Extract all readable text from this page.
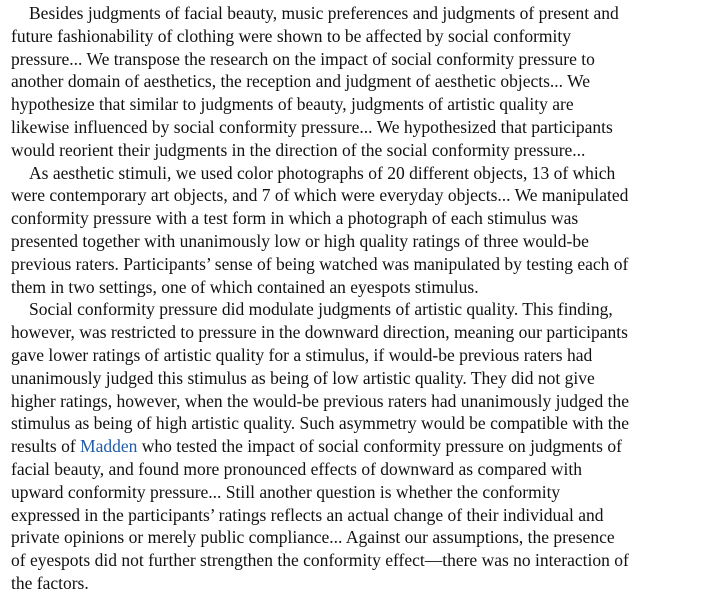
Besides judgments of facial beauty, music preferences and judgments of present and
future fashionability of clothing were shown to be affected by social conformity
pressure... We transpose the research on the impact of social conformity pressure to
another domain of aesthetics, the reception and judgment of aesthetic objects... We
hypothesize that similar to judgments of beauty, judgments of artistic quality are
likewise influenced by social conformity pressure... We hypothesized that participants
would reorient their judgments in the direction of the social conformity pressure...
As aesthetic stimuli, we used color photographs of 20 different objects, 13 of which
were contemporary art objects, and 7 of which were everyday objects... We manipulated
conformity pressure with a test form in which a photograph of each stimulus was
presented together with unanimously low or high quality ratings of three would-be
previous raters. Participants’ sense of being watched was manipulated by testing each of
them in two settings, one of which contained an eyespots stimulus.
Social conformity pressure did modulate judgments of artistic quality. This finding,
however, was restricted to pressure in the downward direction, meaning our participants
gave lower ratings of artistic quality for a stimulus, if would-be previous raters had
unanimously judged this stimulus as being of low artistic quality. They did not give
higher ratings, however, when the would-be previous raters had unanimously judged the
stimulus as being of high artistic quality. Such asymmetry would be compatible with the
results of Madden who tested the impact of social conformity pressure on judgments of
facial beauty, and found more pronounced effects of downward as compared with
upward conformity pressure... Still another question is whether the conformity
expressed in the participants’ ratings reflects an actual change of their individual and
private opinions or merely public compliance... Against our assumptions, the presence
of eyespots did not further strengthen the conformity effect—there was no interaction of
the factors.
